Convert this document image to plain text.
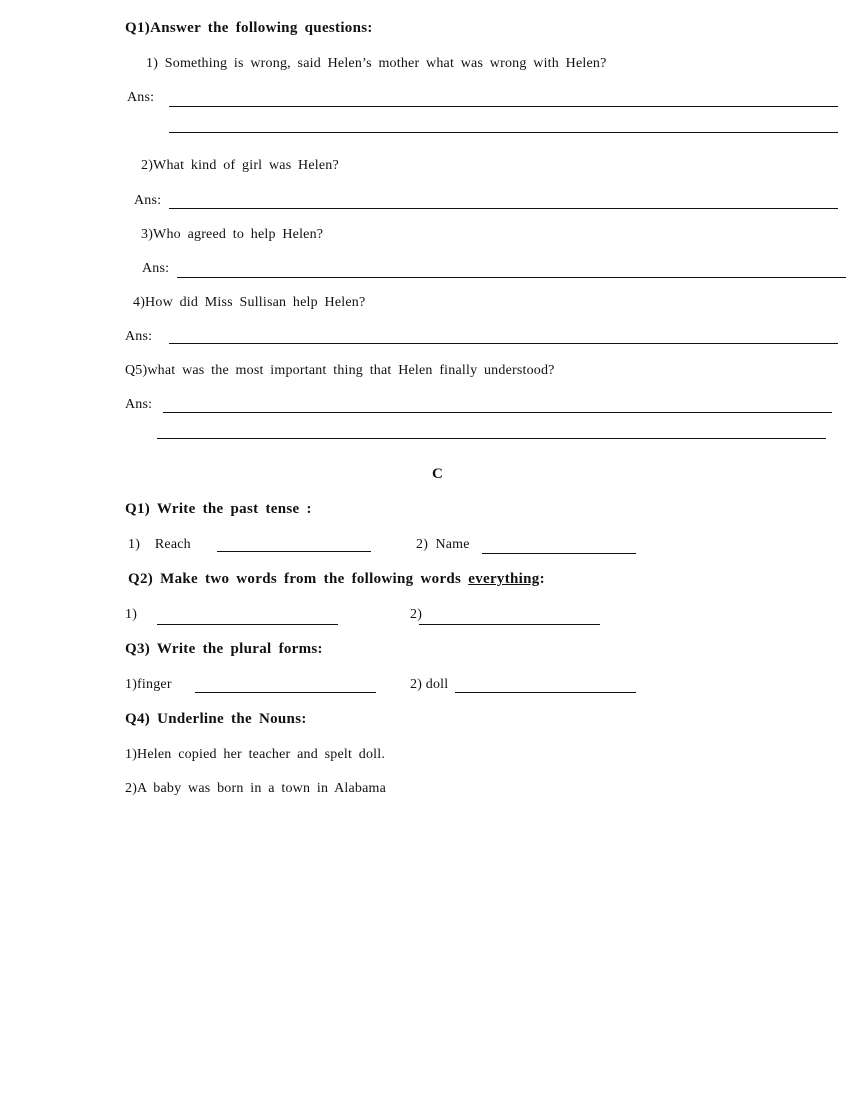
Q1)Answer the following questions:
1) Something is wrong, said Helen’s mother what was wrong with Helen?
Ans:
2)What kind of girl was Helen?
Ans:
3)Who agreed to help Helen?
Ans:
4)How did Miss Sullisan help Helen?
Ans:
Q5)what was the most important thing that Helen finally understood?
Ans:
C
Q1) Write the past tense :
1)    Reach	2)  Name
Q2) Make two words from the following words everything:
1)	2)
Q3) Write the plural forms:
1)finger	2) doll
Q4) Underline the Nouns:
1)Helen copied her teacher and spelt doll.
2)A baby was born in a town in Alabama
